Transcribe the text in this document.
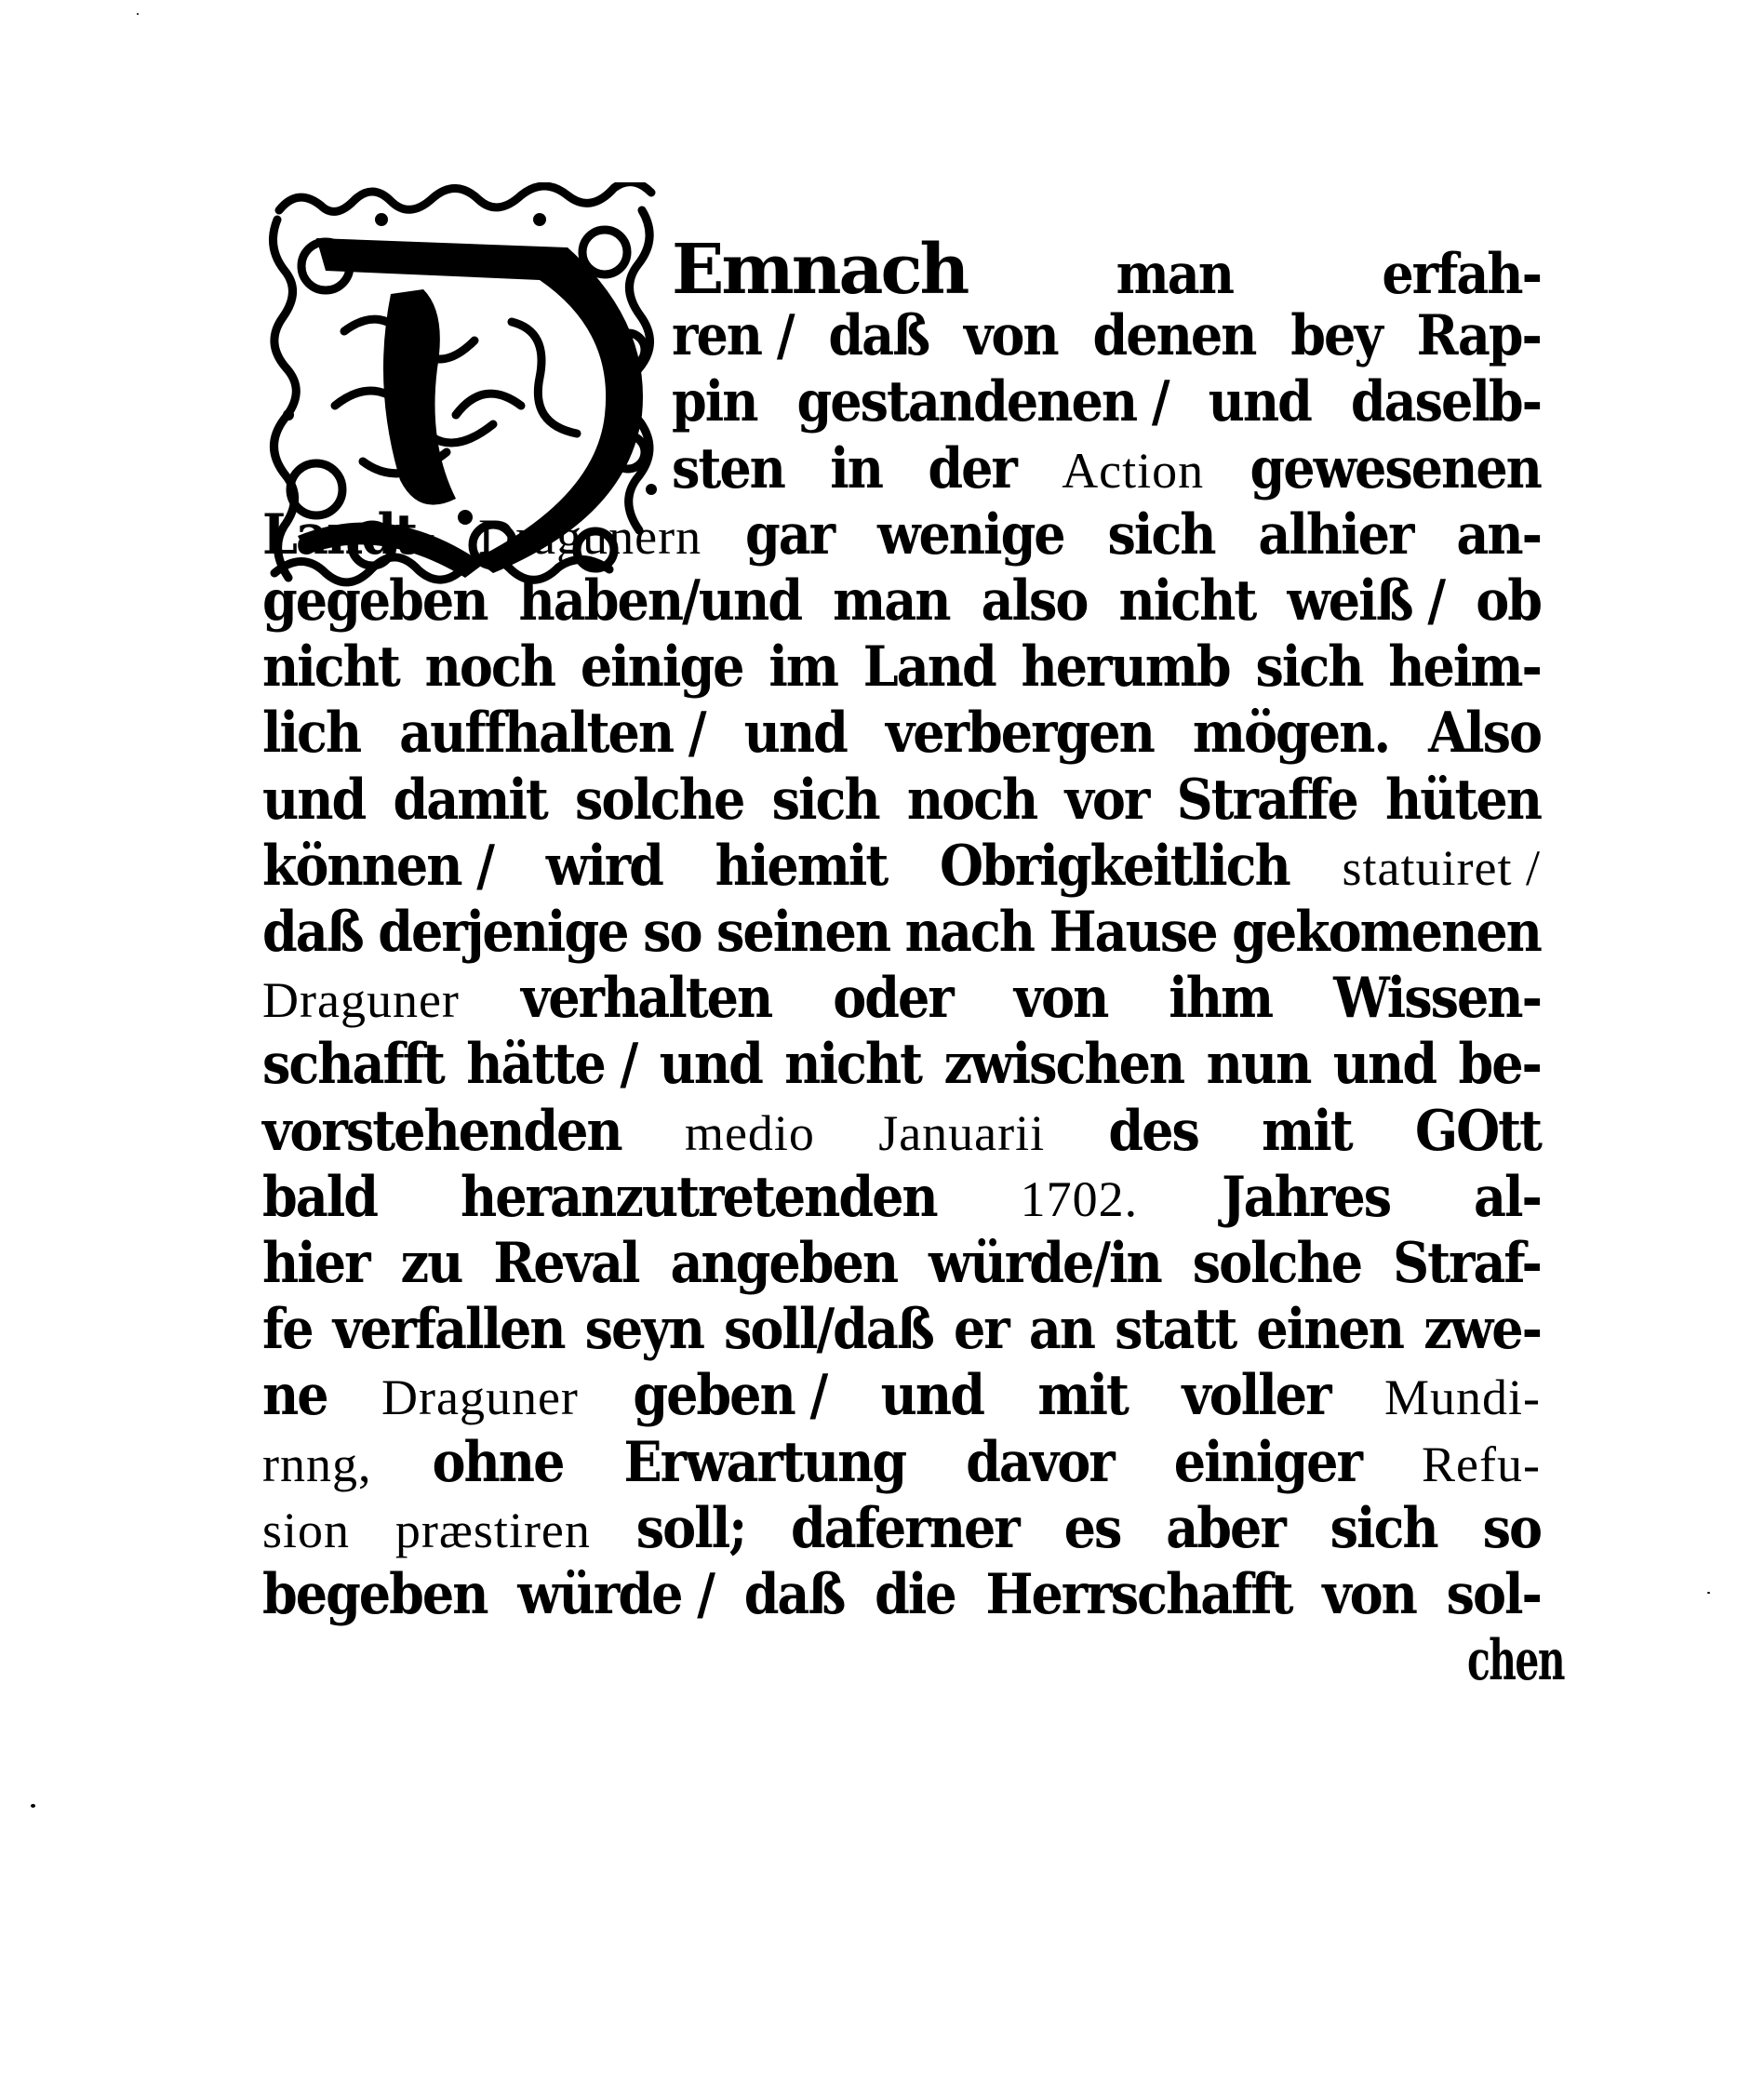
Emnach	man	erfah-
ren / daß von denen bey Rap-
pin gestandenen / und daselb-
sten in der Action gewesenen
Landt- Dragunern gar wenige sich alhier an-
gegeben haben/und man also nicht weiß / ob
nicht noch einige im Land herumb sich heim-
lich auffhalten / und verbergen mögen. Also
und damit solche sich noch vor Straffe hüten
können / wird hiemit Obrigkeitlich statuiret /
daß derjenige so seinen nach Hause gekomenen
Draguner verhalten oder von ihm Wissen-
schafft hätte / und nicht zwischen nun und be-
vorstehenden medio Januarii des mit GOtt
bald heranzutretenden 1702. Jahres al-
hier zu Reval angeben würde/in solche Straf-
fe verfallen seyn soll/daß er an statt einen zwe-
ne Draguner geben / und mit voller Mundi-
rnng, ohne Erwartung davor einiger Refu-
sion præstiren soll; daferner es aber sich so
begeben würde / daß die Herrschafft von sol-
chen
